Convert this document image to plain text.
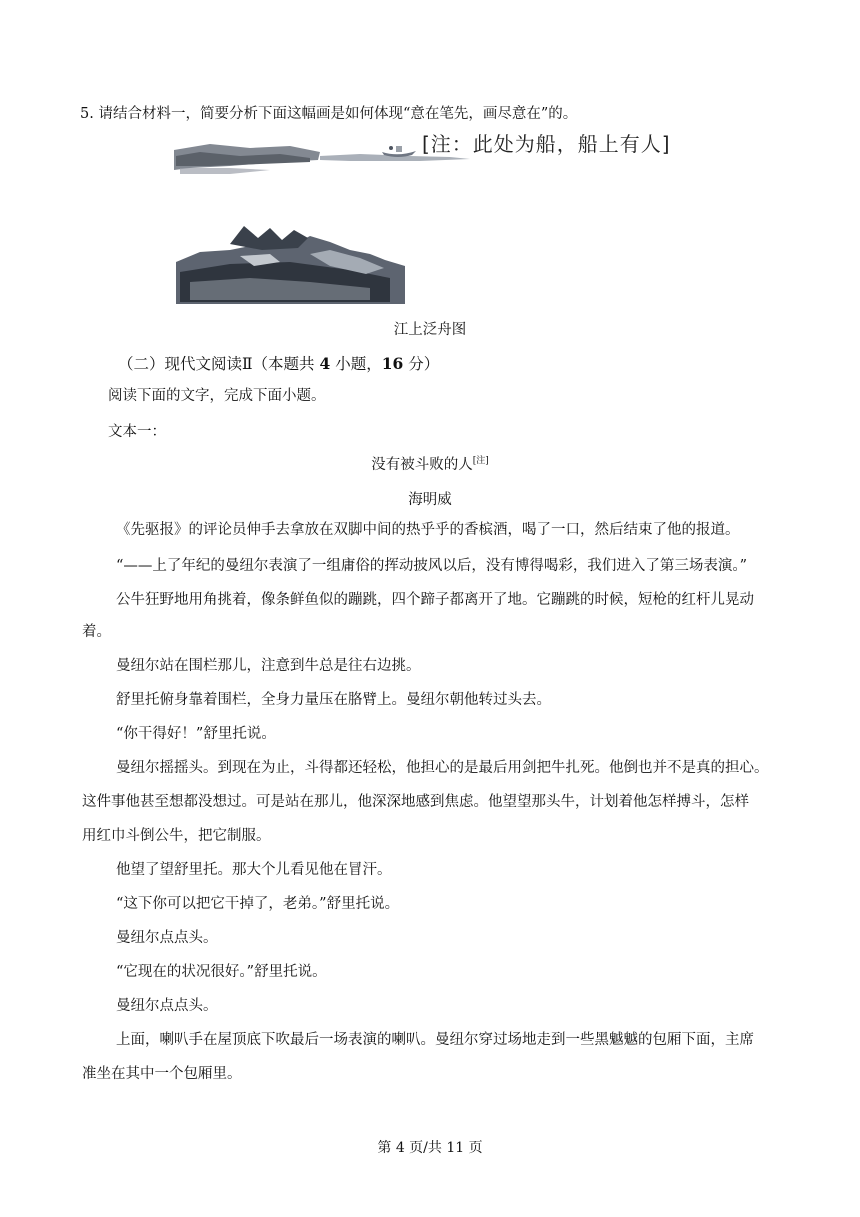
5. 请结合材料一，简要分析下面这幅画是如何体现“意在笔先，画尽意在”的。
[注：此处为船，船上有人]
江上泛舟图
（二）现代文阅读Ⅱ（本题共 4 小题，16 分）
阅读下面的文字，完成下面小题。
文本一：
没有被斗败的人[注]
海明威
《先驱报》的评论员伸手去拿放在双脚中间的热乎乎的香槟酒，喝了一口，然后结束了他的报道。
“——上了年纪的曼纽尔表演了一组庸俗的挥动披风以后，没有博得喝彩，我们进入了第三场表演。”
公牛狂野地用角挑着，像条鲜鱼似的蹦跳，四个蹄子都离开了地。它蹦跳的时候，短枪的红杆儿晃动
着。
曼纽尔站在围栏那儿，注意到牛总是往右边挑。
舒里托俯身靠着围栏，全身力量压在胳臂上。曼纽尔朝他转过头去。
“你干得好！”舒里托说。
曼纽尔摇摇头。到现在为止，斗得都还轻松，他担心的是最后用剑把牛扎死。他倒也并不是真的担心。
这件事他甚至想都没想过。可是站在那儿，他深深地感到焦虑。他望望那头牛，计划着他怎样搏斗，怎样
用红巾斗倒公牛，把它制服。
他望了望舒里托。那大个儿看见他在冒汗。
“这下你可以把它干掉了，老弟。”舒里托说。
曼纽尔点点头。
“它现在的状况很好。”舒里托说。
曼纽尔点点头。
上面，喇叭手在屋顶底下吹最后一场表演的喇叭。曼纽尔穿过场地走到一些黑魆魆的包厢下面，主席
准坐在其中一个包厢里。
第 4 页/共 11 页
